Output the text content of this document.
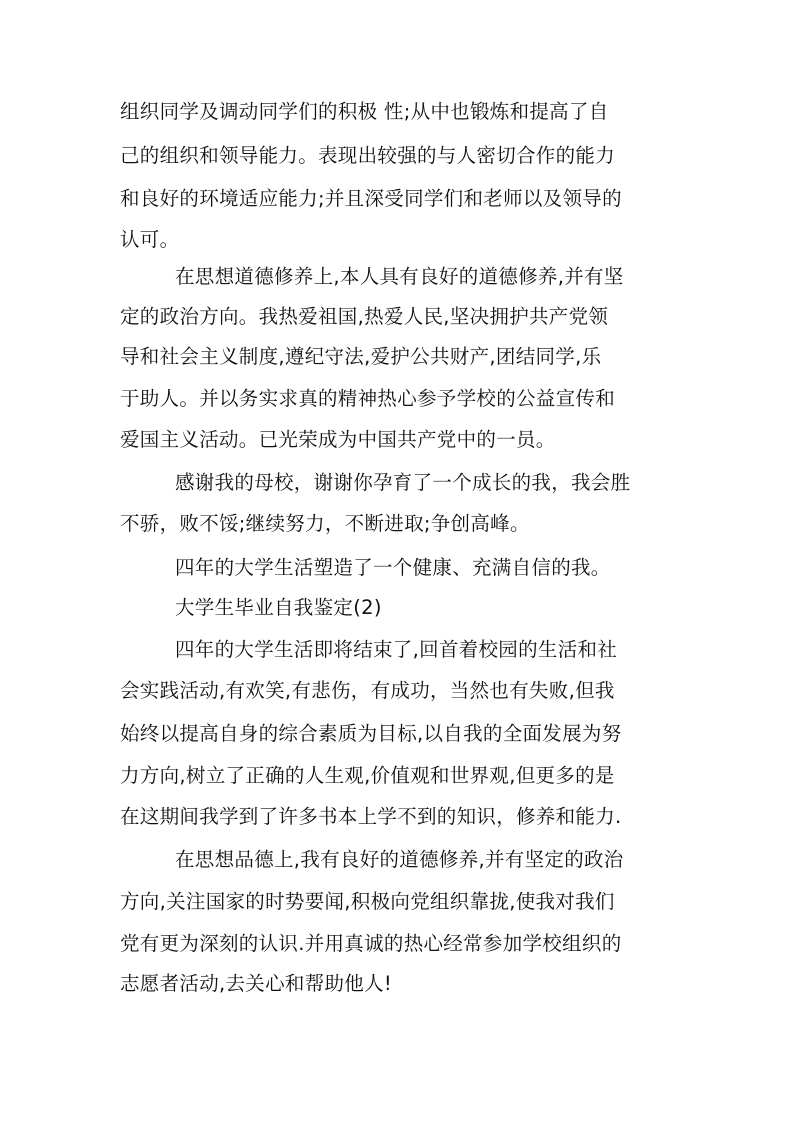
组织同学及调动同学们的积极 性;从中也锻炼和提高了自
己的组织和领导能力。表现出较强的与人密切合作的能力
和良好的环境适应能力;并且深受同学们和老师以及领导的
认可。
在思想道德修养上,本人具有良好的道德修养,并有坚
定的政治方向。我热爱祖国,热爱人民,坚决拥护共产党领
导和社会主义制度,遵纪守法,爱护公共财产,团结同学,乐
于助人。并以务实求真的精神热心参予学校的公益宣传和
爱国主义活动。已光荣成为中国共产党中的一员。
感谢我的母校，谢谢你孕育了一个成长的我，我会胜
不骄，败不馁;继续努力，不断进取;争创高峰。
四年的大学生活塑造了一个健康、充满自信的我。
大学生毕业自我鉴定(2)
四年的大学生活即将结束了,回首着校园的生活和社
会实践活动,有欢笑,有悲伤，有成功，当然也有失败,但我
始终以提高自身的综合素质为目标,以自我的全面发展为努
力方向,树立了正确的人生观,价值观和世界观,但更多的是
在这期间我学到了许多书本上学不到的知识，修养和能力.
在思想品德上,我有良好的道德修养,并有坚定的政治
方向,关注国家的时势要闻,积极向党组织靠拢,使我对我们
党有更为深刻的认识.并用真诚的热心经常参加学校组织的
志愿者活动,去关心和帮助他人!
